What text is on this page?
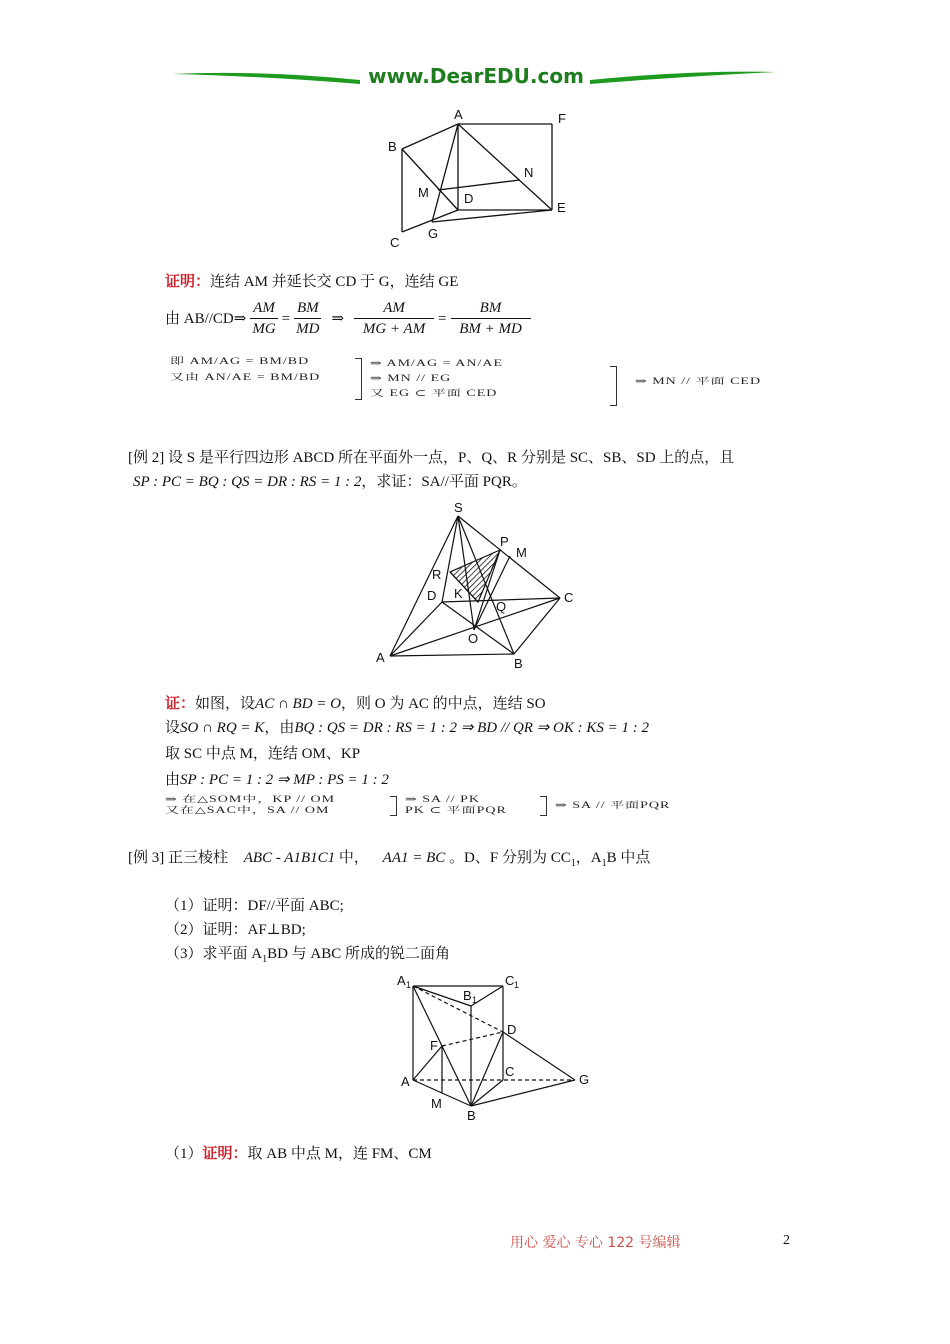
www.DearEDU.com
A	F
B
N
M	D
E
G
C
证明：连结 AM 并延长交 CD 于 G，连结 GE
由 AB//CD⇒ $\frac{AM}{MG} = \frac{BM}{MD}$ ⇒ $\frac{AM}{MG + AM} = \frac{BM}{BM + MD}$
即 AM/AG = BM/BD
又由 AN/AE = BM/BD
⇒ AM/AG = AN/AE
⇒ MN // EG
又 EG ⊂ 平面 CED
⇒ MN // 平面 CED
[例 2] 设 S 是平行四边形 ABCD 所在平面外一点，P、Q、R 分别是 SC、SB、SD 上的点，且
SP : PC = BQ : QS = DR : RS = 1 : 2，求证：SA//平面 PQR。
S
P
M
R
D K
Q
C
O
A	B
证：如图，设AC ∩ BD = O，则 O 为 AC 的中点，连结 SO
设SO ∩ RQ = K，由BQ : QS = DR : RS = 1 : 2 ⇒ BD // QR ⇒ OK : KS = 1 : 2
取 SC 中点 M，连结 OM、KP
由SP : PC = 1 : 2 ⇒ MP : PS = 1 : 2
⇒ 在△SOM中，KP // OM
又在△SAC中，SA // OM
⇒ SA // PK
PK ⊂ 平面PQR
⇒ SA // 平面PQR
[例 3] 正三棱柱 ABC - A1B1C1 中， AA1 = BC 。D、F 分别为 $CC_1$，$A_1B$ 中点
（1）证明：DF//平面 ABC;
（2）证明：AF⊥BD;
（3）求平面 $A_1BD$ 与 ABC 所成的锐二面角
A 1	C 1
B 1
D
F
A
C
G
M
B
（1）证明：取 AB 中点 M，连 FM、CM
用心 爱心 专心 122 号编辑	2
